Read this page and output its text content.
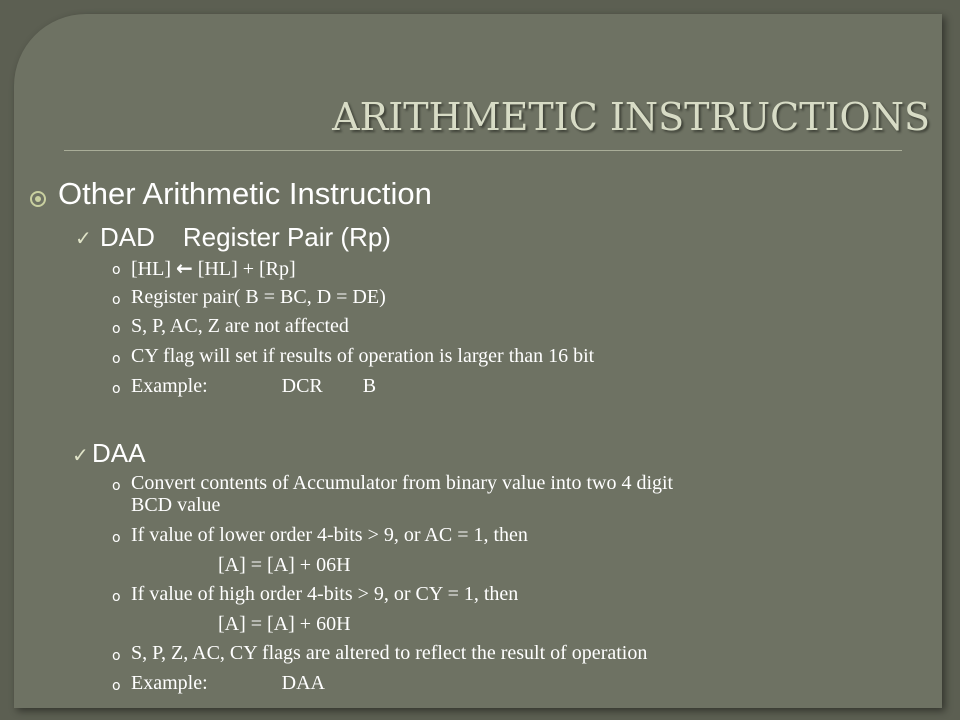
ARITHMETIC INSTRUCTIONS
Other Arithmetic Instruction
✓ DAD Register Pair (Rp)
o [HL] ← [HL] + [Rp]
o Register pair( B = BC, D = DE)
o S, P, AC, Z are not affected
o CY flag will set if results of operation is larger than 16 bit
o Example:	DCR B
✓ DAA
o Convert contents of Accumulator from binary value into two 4 digit
BCD value
o If value of lower order 4-bits > 9, or AC = 1, then
[A] = [A] + 06H
o If value of high order 4-bits > 9, or CY = 1, then
[A] = [A] + 60H
o S, P, Z, AC, CY flags are altered to reflect the result of operation
o Example:	DAA
